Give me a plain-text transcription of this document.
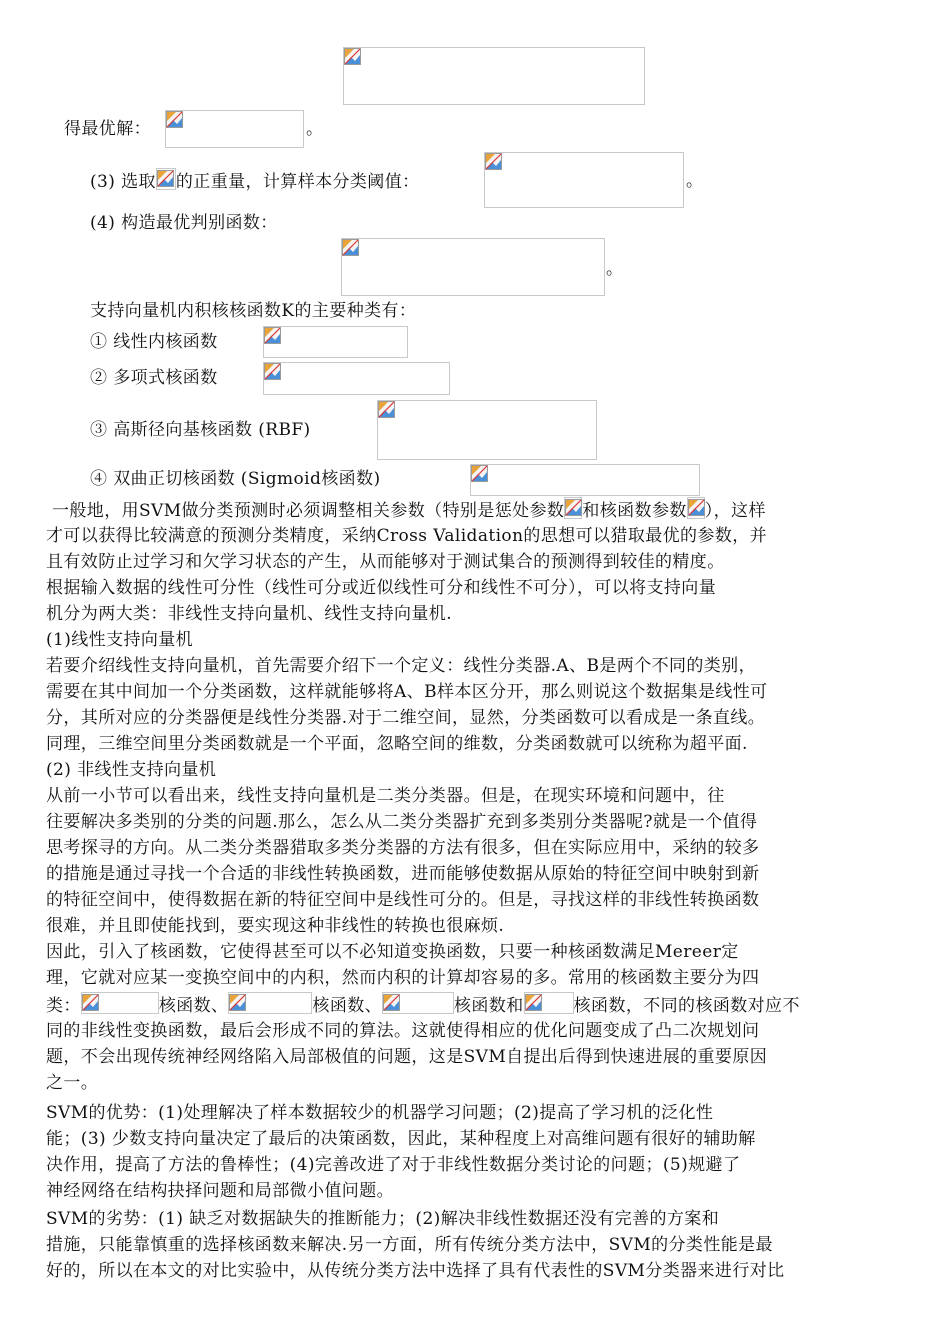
得最优解：	。
(3) 选取 的正重量，计算样本分类阈值：	。
(4) 构造最优判别函数：
。
支持向量机内积核核函数K的主要种类有：
① 线性内核函数
② 多项式核函数
③ 高斯径向基核函数 (RBF)
④ 双曲正切核函数 (Sigmoid核函数)
一般地，用SVM做分类预测时必须调整相关参数（特别是惩处参数 和核函数参数 ），这样
才可以获得比较满意的预测分类精度，采纳Cross Validation的思想可以猎取最优的参数，并
且有效防止过学习和欠学习状态的产生，从而能够对于测试集合的预测得到较佳的精度。
根据输入数据的线性可分性（线性可分或近似线性可分和线性不可分），可以将支持向量
机分为两大类：非线性支持向量机、线性支持向量机.
(1)线性支持向量机
若要介绍线性支持向量机，首先需要介绍下一个定义：线性分类器.A、B是两个不同的类别，
需要在其中间加一个分类函数，这样就能够将A、B样本区分开，那么则说这个数据集是线性可
分，其所对应的分类器便是线性分类器.对于二维空间，显然，分类函数可以看成是一条直线。
同理，三维空间里分类函数就是一个平面，忽略空间的维数，分类函数就可以统称为超平面.
(2) 非线性支持向量机
从前一小节可以看出来，线性支持向量机是二类分类器。但是，在现实环境和问题中，往
往要解决多类别的分类的问题.那么，怎么从二类分类器扩充到多类别分类器呢?就是一个值得
思考探寻的方向。从二类分类器猎取多类分类器的方法有很多，但在实际应用中，采纳的较多
的措施是通过寻找一个合适的非线性转换函数，进而能够使数据从原始的特征空间中映射到新
的特征空间中，使得数据在新的特征空间中是线性可分的。但是，寻找这样的非线性转换函数
很难，并且即使能找到，要实现这种非线性的转换也很麻烦.
因此，引入了核函数，它使得甚至可以不必知道变换函数，只要一种核函数满足Mereer定
理，它就对应某一变换空间中的内积，然而内积的计算却容易的多。常用的核函数主要分为四
类：	核函数、	核函数、	核函数和	核函数，不同的核函数对应不
同的非线性变换函数，最后会形成不同的算法。这就使得相应的优化问题变成了凸二次规划问
题，不会出现传统神经网络陷入局部极值的问题，这是SVM自提出后得到快速进展的重要原因
之一。
SVM的优势：(1)处理解决了样本数据较少的机器学习问题；(2)提高了学习机的泛化性
能；(3) 少数支持向量决定了最后的决策函数，因此，某种程度上对高维问题有很好的辅助解
决作用，提高了方法的鲁棒性；(4)完善改进了对于非线性数据分类讨论的问题；(5)规避了
神经网络在结构抉择问题和局部微小值问题。
SVM的劣势：(1) 缺乏对数据缺失的推断能力；(2)解决非线性数据还没有完善的方案和
措施，只能靠慎重的选择核函数来解决.另一方面，所有传统分类方法中，SVM的分类性能是最
好的，所以在本文的对比实验中，从传统分类方法中选择了具有代表性的SVM分类器来进行对比
